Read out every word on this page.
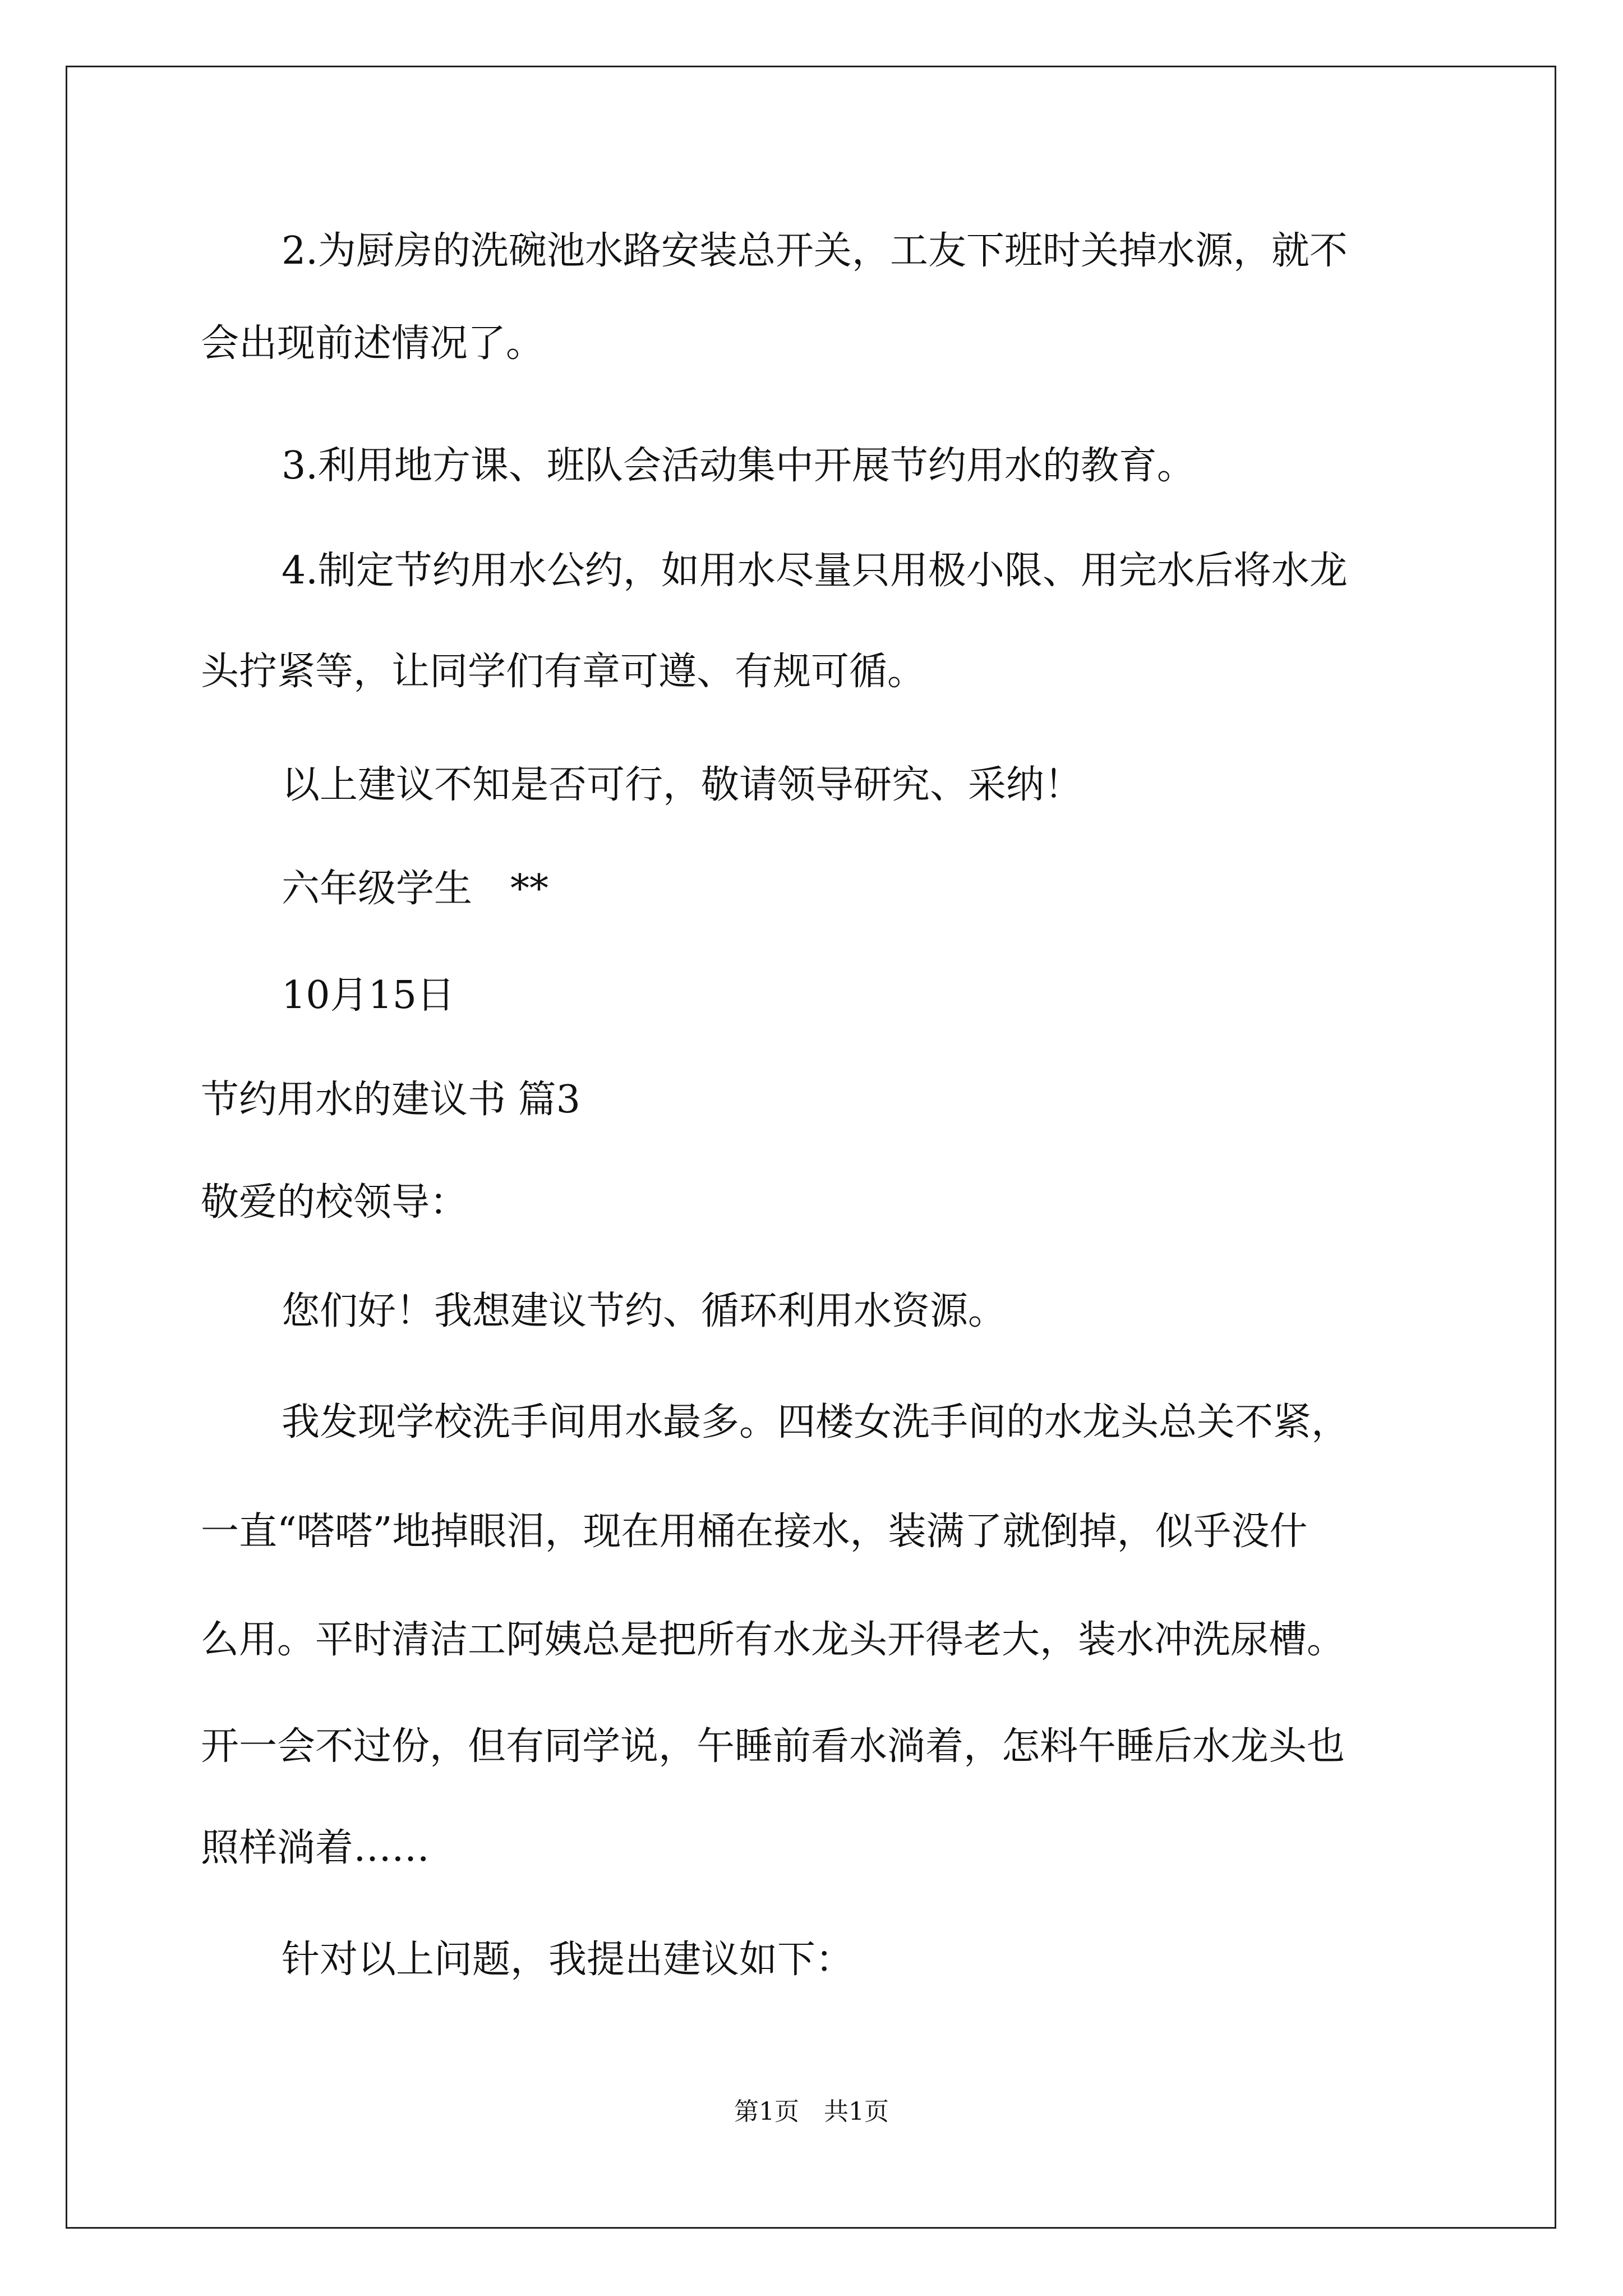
2.为厨房的洗碗池水路安装总开关，工友下班时关掉水源，就不
会出现前述情况了。
3.利用地方课、班队会活动集中开展节约用水的教育。
4.制定节约用水公约，如用水尽量只用极小限、用完水后将水龙
头拧紧等，让同学们有章可遵、有规可循。
以上建议不知是否可行，敬请领导研究、采纳！
六年级学生　**
10月15日
节约用水的建议书 篇3
敬爱的校领导：
您们好！我想建议节约、循环利用水资源。
我发现学校洗手间用水最多。四楼女洗手间的水龙头总关不紧，
一直“嗒嗒”地掉眼泪，现在用桶在接水，装满了就倒掉，似乎没什
么用。平时清洁工阿姨总是把所有水龙头开得老大，装水冲洗尿槽。
开一会不过份，但有同学说，午睡前看水淌着，怎料午睡后水龙头也
照样淌着……
针对以上问题，我提出建议如下：
第1页 共1页
